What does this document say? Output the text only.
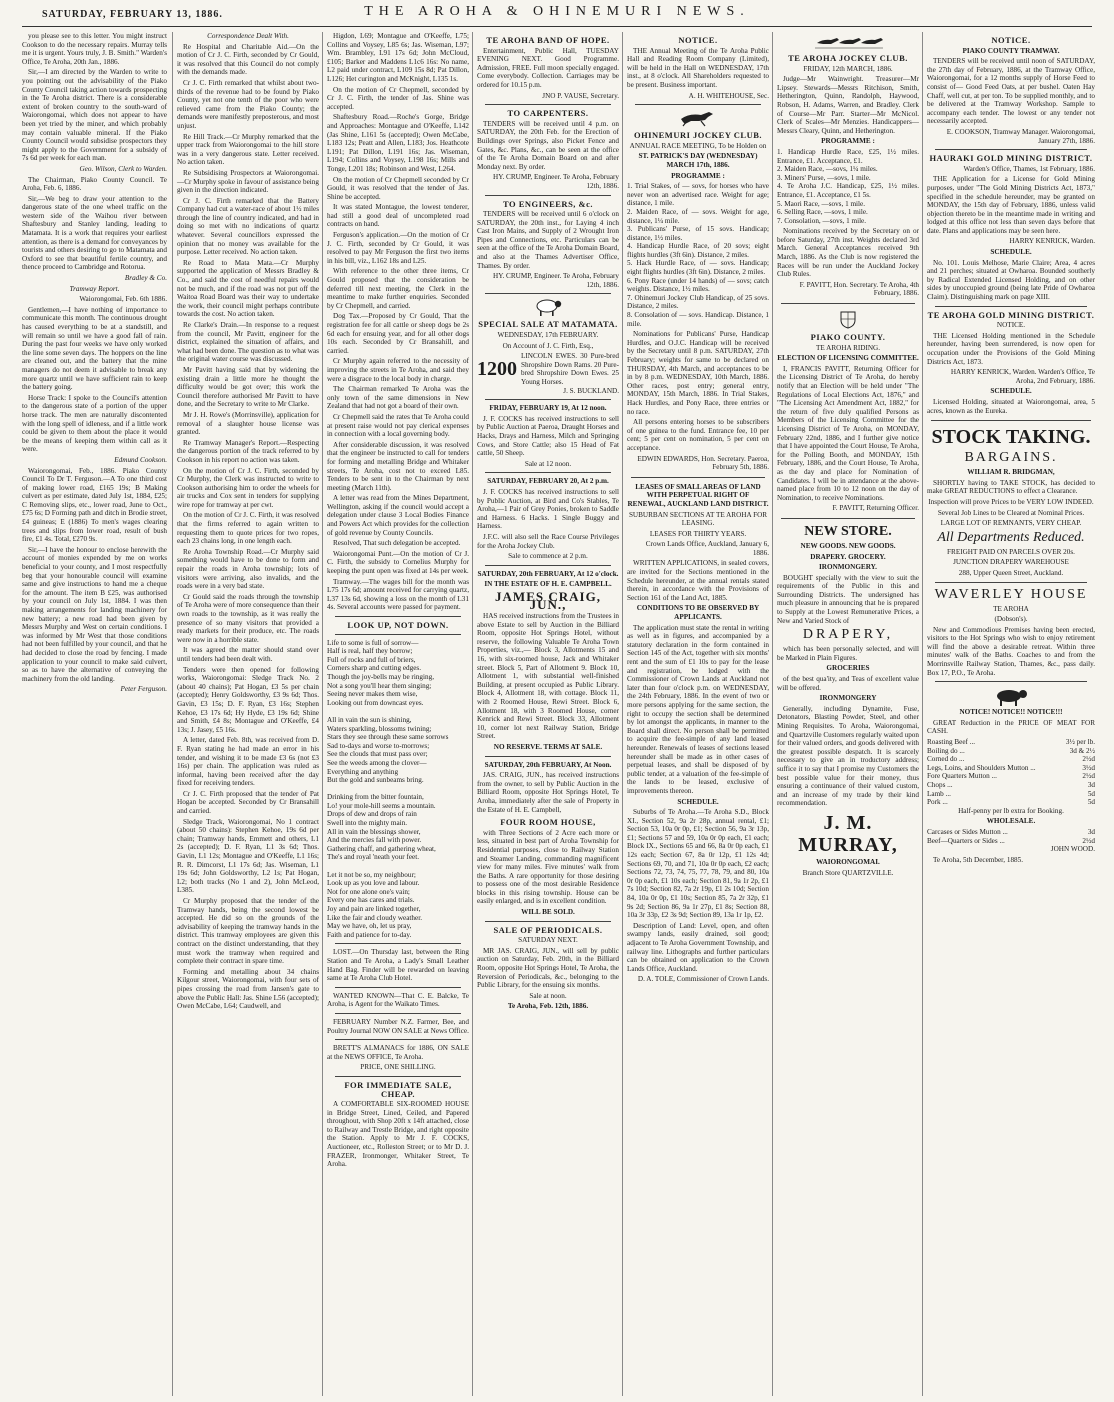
SATURDAY, FEBRUARY 13, 1886.	THE AROHA & OHINEMURI NEWS.

you please see to this letter. You might instruct Cookson to do the necessary repairs. Murray tells me it is urgent. Yours truly, J. B. Smith." Warden's Office, Te Aroha, 20th Jan., 1886.

Sir,—I am directed by the Warden to write to you pointing out the advisability of the Piako County Council taking action towards prospecting in the Te Aroha district. There is a considerable extent of broken country to the south-ward of Waiorongomai, which does not appear to have been yet tried by the miner, and which probably may contain valuable mineral. If the Piako County Council would subsidise prospectors they might apply to the Government for a subsidy of 7s 6d per week for each man.

Geo. Wilson, Clerk to Warden.

The Chairman, Piako County Council. Te Aroha, Feb. 6, 1886.

Sir,—We beg to draw your attention to the dangerous state of the one wheel traffic on the western side of the Waihou river between Shaftesbury and Stanley landing, leading to Matamata. It is a work that requires your earliest attention, as there is a demand for conveyances by tourists and others desiring to go to Matamata and Oxford to see that beautiful fertile country, and thence proceed to Cambridge and Rotorua.

Bradley & Co.

Tramway Report.

Waiorongomai, Feb. 6th 1886.

Gentlemen,—I have nothing of importance to communicate this month. The continuous drought has caused everything to be at a standstill, and will remain so until we have a good fall of rain. During the past four weeks we have only worked the line some seven days. The hoppers on the line are cleaned out, and the battery that the mine managers do not deem it advisable to break any more quartz until we have sufficient rain to keep the battery going.

Horse Track: I spoke to the Council's attention to the dangerous state of a portion of the upper horse track. The men are naturally discontented with the long spell of idleness, and if a little work could be given to them about the place it would be the means of keeping them within call as it were.

Edmund Cookson.

Waiorongomai, Feb., 1886. Piako County Council To Dr T. Ferguson.—A To one third cost of making lower road, £165 19s; B Making culvert as per estimate, dated July 1st, 1884, £25; C Removing slips, etc., lower road, June to Oct., £75 6s; D Forming path and ditch in Brodie street, £4 guineas; E (1886) To men's wages clearing trees and slips from lower road, result of bush fire, £1 4s. Total, £270 9s.

Sir,—I have the honour to enclose herewith the account of monies expended by me on works beneficial to your county, and I most respectfully beg that your honourable council will examine same and give instructions to hand me a cheque for the amount. The item B £25, was authorised by your council on July 1st, 1884. I was then making arrangements for landing machinery for new battery; a new road had been given by Messrs Murphy and West on certain conditions. I was informed by Mr West that those conditions had not been fulfilled by your council, and that he had decided to close the road by fencing. I made application to your council to make said culvert, so as to have the alternative of conveying the machinery from the old landing.

Peter Ferguson.

Correspondence Dealt With.

Re Hospital and Charitable Aid.—On the motion of Cr J. C. Firth, seconded by Cr Gould, it was resolved that this Council do not comply with the demands made.

Cr J. C. Firth remarked that whilst about two-thirds of the revenue had to be found by Piako County, yet not one tenth of the poor who were relieved came from the Piako County; the demands were manifestly preposterous, and most unjust.

Re Hill Track.—Cr Murphy remarked that the upper track from Waiorongomai to the hill store was in a very dangerous state. Letter received. No action taken.

Re Subsidising Prospectors at Waiorongomai.—Cr Murphy spoke in favour of assistance being given in the direction indicated.

Cr J. C. Firth remarked that the Battery Company had cut a water-race of about 1½ miles through the line of country indicated, and had in doing so met with no indications of quartz whatever. Several councillors expressed the opinion that no money was available for the purpose. Letter received. No action taken.

Re Road to Mata Mata.—Cr Murphy supported the application of Messrs Bradley & Co., and said the cost of needful repairs would not be much, and if the road was not put off the Waitoa Road Board was their way to undertake the work, their council might perhaps contribute towards the cost. No action taken.

Re Clarke's Drain.—In response to a request from the council, Mr Pavitt, engineer for the district, explained the situation of affairs, and what had been done. The question as to what was the original water course was discussed.

Mr Pavitt having said that by widening the existing drain a little more he thought the difficulty would be got over; this work the Council therefore authorised Mr Pavitt to have done, and the Secretary to write to Mr Clarke.

Mr J. H. Rowe's (Morrinsville), application for removal of a slaughter house license was granted.

Re Tramway Manager's Report.—Respecting the dangerous portion of the track referred to by Cookson in his report no action was taken.

On the motion of Cr J. C. Firth, seconded by Cr Murphy, the Clerk was instructed to write to Cookson authorising him to order the wheels for air trucks and Cox sent in tenders for supplying wire rope for tramway at per cwt.

On the motion of Cr J. C. Firth, it was resolved that the firms referred to again written to requesting them to quote prices for two ropes, each 23 chains long, in one length each.

Re Aroha Township Road.—Cr Murphy said something would have to be done to form and repair the roads in Aroha township; lots of visitors were arriving, also invalids, and the roads were in a very bad state.

Cr Gould said the roads through the township of Te Aroha were of more consequence than their own roads to the township, as it was really the presence of so many visitors that provided a ready markets for their produce, etc. The roads were now in a horrible state.

It was agreed the matter should stand over until tenders had been dealt with.

Tenders were then opened for following works, Waiorongomai: Sledge Track No. 2 (about 40 chains); Pat Hogan, £3 5s per chain (accepted); Henry Goldsworthy, £3 9s 6d; Thos. Gavin, £3 15s; D. F. Ryan, £3 16s; Stephen Kehoe, £3 17s 6d; Hy Hyde, £3 19s 6d; Shine and Smith, £4 8s; Montague and O'Keeffe, £4 13s; J. Jasey, £5 16s.

A letter, dated Feb. 8th, was received from D. F. Ryan stating he had made an error in his tender, and wishing it to be made £3 6s (not £3 16s) per chain. The application was ruled as informal, having been received after the day fixed for receiving tenders.

Cr J. C. Firth proposed that the tender of Pat Hogan be accepted. Seconded by Cr Bransahill and carried.

Sledge Track, Waiorongomai, No 1 contract (about 50 chains): Stephen Kehoe, 19s 6d per chain; Tramway hands, Emmett and others, L1 2s (accepted); D. F. Ryan, L1 3s 6d; Thos. Gavin, L1 12s; Montague and O'Keeffe, L1 16s; R. R. Dimcorst, L1 17s 6d; Jas. Wiseman, L1 19s 6d; John Goldsworthy, L2 1s; Pat Hogan, L2; both tracks (No 1 and 2), John McLeod, L385.

Cr Murphy proposed that the tender of the Tramway hands, being the second lowest be accepted. He did so on the grounds of the advisability of keeping the tramway hands in the district. This tramway employees are given this contract on the distinct understanding, that they must work the tramway when required and complete their contract in spare time.

Forming and metalling about 34 chains Kilgour street, Waiorongomai, with four sets of pipes crossing the road from Jansen's gate to above the Public Hall: Jas. Shine L56 (accepted); Owen McCabe, L64; Caudwell, and

Higdon, L69; Montague and O'Keeffe, L75; Collins and Voysey, L85 6s; Jas. Wiseman, L97; Wm. Brambley, L91 17s 6d; John McCloud, £105; Barker and Maddens L1c6 16s: No name, L2 paid under contract, L109 15s 8d; Pat Dillon, L126; Het curington and McKnight, L135 1s.

On the motion of Cr Chepmell, seconded by Cr J. C. Firth, the tender of Jas. Shine was accepted.

Shaftesbury Road.—Roche's Gorge, Bridge and Approaches: Montague and O'Keeffe, L142 (Jas Shine, L161 5s (accepted); Owen McCabe, L183 12s; Peatt and Allen, L183; Jos. Heathcote L191; Pat Dillon, L191 16s; Jas. Wiseman, L194; Collins and Voysey, L198 16s; Mills and Tonge, L201 18s; Robinson and West, L264.

On the motion of Cr Chepmell seconded by Cr Gould, it was resolved that the tender of Jas. Shine be accepted.

It was stated Montague, the lowest tenderer, had still a good deal of uncompleted road contracts on hand.

Ferguson's application.—On the motion of Cr J. C. Firth, seconded by Cr Gould, it was resolved to pay Mr Ferguson the first two items in his bill, viz., L162 18s and L25.

With reference to the other three items, Cr Gould proposed that the consideration be deferred till next meeting, the Clerk in the meantime to make further enquiries. Seconded by Cr Chepmell, and carried.

Dog Tax.—Proposed by Cr Gould, That the registration fee for all cattle or sheep dogs be 2s 6d each for ensuing year, and for all other dogs 10s each. Seconded by Cr Bransahill, and carried.

Cr Murphy again referred to the necessity of improving the streets in Te Aroha, and said they were a disgrace to the local body in charge.

The Chairman remarked Te Aroha was the only town of the same dimensions in New Zealand that had not got a board of their own.

Cr Chepmell said the rates that Te Aroha could at present raise would not pay clerical expenses in connection with a local governing body.

After considerable discussion, it was resolved that the engineer be instructed to call for tenders for forming and metalling Bridge and Whitaker streets, Te Aroha, cost not to exceed L85. Tenders to be sent in to the Chairman by next meeting (March 11th).

A letter was read from the Mines Department, Wellington, asking if the council would accept a delegation under clause 3 Local Bodies Finance and Powers Act which provides for the collection of gold revenue by County Councils.

Resolved, That such delegation be accepted.

Waiorongomai Punt.—On the motion of Cr J. C. Firth, the subsidy to Cornelius Murphy for keeping the punt open was fixed at 14s per week.

Tramway.—The wages bill for the month was L75 17s 6d; amount received for carrying quartz, L37 13s 6d, showing a loss on the month of L31 4s. Several accounts were passed for payment.

LOOK UP, NOT DOWN.

Life to some is full of sorrow—
Half is real, half they borrow;
Full of rocks and full of briers,
Corners sharp and cutting edges.
Though the joy-bells may be ringing,
Not a song you'll hear them singing;
Seeing never makes them wise,
Looking out from downcast eyes.

All in vain the sun is shining,
Waters sparkling, blossoms twining;
Stars they see through these same sorrows
Sad to-days and worse to-morrows;
See the clouds that must pass over;
See the weeds among the clover—
Everything and anything
But the gold and sunbeams bring.

Drinking from the bitter fountain,
Lo! your mole-hill seems a mountain.
Drops of dew and drops of rain
Swell into the mighty main.
All in vain the blessings shower,
And the mercies fall with power.
Gathering chaff, and gathering wheat,
The's and royal 'neath your feet.

Let it not be so, my neighbour;
Look up as you love and labour.
Not for one alone one's vain;
Every one has cares and trials.
Joy and pain are linked together,
Like the fair and cloudy weather.
May we have, oh, let us pray,
Faith and patience for to-day.

LOST.—On Thursday last, between the Ring Station and Te Aroha, a Lady's Small Leather Hand Bag. Finder will be rewarded on leaving same at Te Aroha Club Hotel.

WANTED KNOWN—That C. E. Balcke, Te Aroha, is Agent for the Waikato Times.

FEBRUARY Number N.Z. Farmer, Bee, and Poultry Journal NOW ON SALE at News Office.

BRETT'S ALMANACS for 1886, ON SALE at the NEWS OFFICE, Te Aroha.

PRICE, ONE SHILLING.

FOR IMMEDIATE SALE, CHEAP.

A COMFORTABLE SIX-ROOMED HOUSE in Bridge Street, Lined, Ceiled, and Papered throughout, with Shop 20ft x 14ft attached, close to Railway and Trestle Bridge, and right opposite the Station. Apply to Mr J. F. COCKS, Auctioneer, etc., Rolleston Street; or to Mr D. J. FRAZER, Ironmonger, Whitaker Street, Te Aroha.

TE AROHA BAND OF HOPE.

Entertainment, Public Hall, TUESDAY EVENING NEXT. Good Programme. Admission, FREE. Full moon specially engaged. Come everybody. Collection. Carriages may be ordered for 10.15 p.m.

JNO P. VAUSE, Secretary.

TO CARPENTERS.

TENDERS will be received until 4 p.m. on SATURDAY, the 20th Feb. for the Erection of Buildings over Springs, also Picket Fence and Gates, &c. Plans, &c., can be seen at the office of the Te Aroha Domain Board on and after Monday next. By order.

HY. CRUMP, Engineer. Te Aroha, February 12th, 1886.

TO ENGINEERS, &c.

TENDERS will be received until 6 o'clock on SATURDAY, the 20th inst., for Laying 4 inch Cast Iron Mains, and Supply of 2 Wrought Iron Pipes and Connections, etc. Particulars can be seen at the office of the Te Aroha Domain Board, and also at the Thames Advertiser Office, Thames. By order.

HY. CRUMP, Engineer. Te Aroha, February 12th, 1886.

SPECIAL SALE AT MATAMATA.

WEDNESDAY, 17th FEBRUARY.

On Account of J. C. Firth, Esq.,

1200
LINCOLN EWES. 30 Pure-bred Shropshire Down Rams. 20 Pure-bred Shropshire Down Ewes. 25 Young Horses.

J. S. BUCKLAND.

FRIDAY, FEBRUARY 19, At 12 noon.

J. F. COCKS has received instructions to sell by Public Auction at Paeroa, Draught Horses and Hacks, Drays and Harness, Milch and Springing Cows, and Store Cattle; also 15 Head of Fat cattle, 50 Sheep.

Sale at 12 noon.

SATURDAY, FEBRUARY 20, At 2 p.m.

J. F. COCKS has received instructions to sell by Public Auction, at Bird and Co's Stables, Te Aroha,—1 Pair of Grey Ponies, broken to Saddle and Harness. 6 Hacks. 1 Single Buggy and Harness.

J.F.C. will also sell the Race Course Privileges for the Aroha Jockey Club.

Sale to commence at 2 p.m.

SATURDAY, 20th FEBRUARY, At 12 o'clock.

IN THE ESTATE OF H. E. CAMPBELL.

JAMES CRAIG, JUN.,

HAS received instructions from the Trustees in above Estate to sell by Auction in the Billiard Room, opposite Hot Springs Hotel, without reserve, the following Valuable Te Aroha Town Properties, viz.,— Block 3, Allotments 15 and 16, with six-roomed house, Jack and Whitaker street. Block 5, Part of Allotment 9. Block 10, Allotment 1, with substantial well-finished Building, at present occupied as Public Library. Block 4, Allotment 18, with cottage. Block 11, with 2 Roomed House, Rewi Street. Block 6, Allotment 18, with 3 Roomed House, corner Kenrick and Rewi Street. Block 33, Allotment 10, corner lot next Railway Station, Bridge Street.

NO RESERVE. TERMS AT SALE.

SATURDAY, 20th FEBRUARY, At Noon.

JAS. CRAIG, JUN., has received instructions from the owner, to sell by Public Auction in the Billiard Room, opposite Hot Springs Hotel, Te Aroha, immediately after the sale of Property in the Estate of H. E. Campbell,

FOUR ROOM HOUSE,

with Three Sections of 2 Acre each more or less, situated in best part of Aroha Township for Residential purposes, close to Railway Station and Steamer Landing, commanding magnificent view for many miles. Five minutes' walk from the Baths. A rare opportunity for those desiring to possess one of the most desirable Residence blocks in this rising township. House can be easily enlarged, and is in excellent condition.

WILL BE SOLD.

SALE OF PERIODICALS.

SATURDAY NEXT.

MR JAS. CRAIG, JUN., will sell by public auction on Saturday, Feb. 20th, in the Billiard Room, opposite Hot Springs Hotel, Te Aroha, the Reversion of Periodicals, &c., belonging to the Public Library, for the ensuing six months.

Sale at noon.

Te Aroha, Feb. 12th, 1886.

NOTICE.

THE Annual Meeting of the Te Aroha Public Hall and Reading Room Company (Limited), will be held in the Hall on WEDNESDAY, 17th inst., at 8 o'clock. All Shareholders requested to be present. Business important.

A. H. WHITEHOUSE, Sec.

OHINEMURI JOCKEY CLUB.

ANNUAL RACE MEETING, To be Holden on

ST. PATRICK'S DAY (WEDNESDAY) MARCH 17th, 1886.

PROGRAMME :

1. Trial Stakes, of — sovs, for horses who have never won an advertised race. Weight for age; distance, 1 mile.
2. Maiden Race, of — sovs. Weight for age, distance, 1¼ mile.
3. Publicans' Purse, of 15 sovs. Handicap; distance, 1½ miles.
4. Handicap Hurdle Race, of 20 sovs; eight flights hurdles (3ft 6in). Distance, 2 miles.
5. Hack Hurdle Race, of — sovs. Handicap; eight flights hurdles (3ft 6in). Distance, 2 miles.
6. Pony Race (under 14 hands) of — sovs; catch weights. Distance, 1½ miles.
7. Ohinemuri Jockey Club Handicap, of 25 sovs. Distance, 2 miles.
8. Consolation of — sovs. Handicap. Distance, 1 mile.

Nominations for Publicans' Purse, Handicap Hurdles, and O.J.C. Handicap will be received by the Secretary until 8 p.m. SATURDAY, 27th February; weights for same to be declared on THURSDAY, 4th March, and acceptances to be in by 8 p.m. WEDNESDAY, 10th March, 1886. Other races, post entry; general entry, MONDAY, 15th March, 1886. In Trial Stakes, Hack Hurdles, and Pony Race, three entries or no race.

All persons entering horses to be subscribers of one guinea to the fund. Entrance fee, 10 per cent; 5 per cent on nomination, 5 per cent on acceptance.

EDWIN EDWARDS, Hon. Secretary. Paeroa, February 5th, 1886.

LEASES OF SMALL AREAS OF LAND WITH PERPETUAL RIGHT OF RENEWAL, AUCKLAND LAND DISTRICT.

SUBURBAN SECTIONS AT TE AROHA FOR LEASING.

LEASES FOR THIRTY YEARS.

Crown Lands Office, Auckland, January 6, 1886.

WRITTEN APPLICATIONS, in sealed covers, are invited for the Sections mentioned in the Schedule hereunder, at the annual rentals stated therein, in accordance with the Provisions of Section 161 of the Land Act, 1885.

CONDITIONS TO BE OBSERVED BY APPLICANTS.

The application must state the rental in writing as well as in figures, and accompanied by a statutory declaration in the form contained in Section 145 of the Act, together with six months' rent and the sum of £1 10s to pay for the lease and registration, be lodged with the Commissioner of Crown Lands at Auckland not later than four o'clock p.m. on WEDNESDAY, the 24th February, 1886. In the event of two or more persons applying for the same section, the right to occupy the section shall be determined by lot amongst the applicants, in manner to the Board shall direct. No person shall be permitted to acquire the fee-simple of any land leased hereunder. Renewals of leases of sections leased hereunder shall be made as in other cases of perpetual leases, and shall be disposed of by public tender, at a valuation of the fee-simple of the lands to be leased, exclusive of improvements thereon.

SCHEDULE.

Suburbs of Te Aroha.—Te Aroha S.D., Block XI., Section 52, 9a 2r 28p, annual rental, £1; Section 53, 10a 0r 0p, £1; Section 56, 9a 3r 13p, £1; Sections 57 and 59, 10a 0r 0p each, £1 each; Block IX., Sections 65 and 66, 8a 0r 0p each, £1 12s each; Section 67, 8a 0r 12p, £1 12s 4d; Sections 69, 70, and 71, 10a 0r 0p each, £2 each; Sections 72, 73, 74, 75, 77, 78, 79, and 80, 10a 0r 0p each, £1 10s each; Section 81, 9a 1r 2p, £1 7s 10d; Section 82, 7a 2r 19p, £1 2s 10d; Section 84, 10a 0r 0p, £1 10s; Section 85, 7a 2r 32p, £1 9s 2d; Section 86, 9a 1r 27p, £1 8s; Section 88, 10a 3r 33p, £2 3s 9d; Section 89, 13a 1r 1p, £2.

Description of Land: Level, open, and often swampy lands, easily drained, soil good; adjacent to Te Aroha Government Township, and railway line. Lithographs and further particulars can be obtained on application to the Crown Lands Office, Auckland.

D. A. TOLE, Commissioner of Crown Lands.

TE AROHA JOCKEY CLUB.

FRIDAY, 12th MARCH, 1886.

Judge—Mr Wainwright. Treasurer—Mr Lipsey. Stewards—Messrs Ritchison, Smith, Hetherington, Quinn, Randolph, Haywood, Robson, H. Adams, Warren, and Bradley. Clerk of Course—Mr Parr. Starter—Mr McNicol. Clerk of Scales—Mr Menzies. Handicappers—Messrs Cleary, Quinn, and Hetherington.

PROGRAMME :

1. Handicap Hurdle Race, £25, 1½ miles. Entrance, £1. Acceptance, £1.
2. Maiden Race, —sovs, 1¼ miles.
3. Miners' Purse, —sovs, 1 mile.
4. Te Aroha J.C. Handicap, £25, 1½ miles. Entrance, £1. Acceptance, £1 5s.
5. Maori Race, —sovs, 1 mile.
6. Selling Race, —sovs, 1 mile.
7. Consolation, —sovs, 1 mile.

Nominations received by the Secretary on or before Saturday, 27th inst. Weights declared 3rd March. General Acceptances received 9th March, 1886. As the Club is now registered the Races will be run under the Auckland Jockey Club Rules.

F. PAVITT, Hon. Secretary. Te Aroha, 4th February, 1886.

PIAKO COUNTY.

TE AROHA RIDING.

ELECTION OF LICENSING COMMITTEE.

I, FRANCIS PAVITT, Returning Officer for the Licensing District of Te Aroha, do hereby notify that an Election will be held under "The Regulations of Local Elections Act, 1876," and "The Licensing Act Amendment Act, 1882," for the return of five duly qualified Persons as Members of the Licensing Committee for the Licensing District of Te Aroha, on MONDAY, February 22nd, 1886, and I further give notice that I have appointed the Court House, Te Aroha, for the Polling Booth, and MONDAY, 15th February, 1886, and the Court House, Te Aroha, as the day and place for Nomination of Candidates. I will be in attendance at the above-named place from 10 to 12 noon on the day of Nomination, to receive Nominations.

F. PAVITT, Returning Officer.

NEW STORE.

NEW GOODS. NEW GOODS.

DRAPERY. GROCERY.

IRONMONGERY.

BOUGHT specially with the view to suit the requirements of the Public in this and Surrounding Districts. The undersigned has much pleasure in announcing that he is prepared to Supply at the Lowest Remunerative Prices, a New and Varied Stock of

DRAPERY,

which has been personally selected, and will be Marked in Plain Figures.

GROCERIES

of the best qua'ity, and Teas of excellent value will be offered.

IRONMONGERY

Generally, including Dynamite, Fuse, Detonators, Blasting Powder, Steel, and other Mining Requisites. To Aroha, Waiorongomai, and Quartzville Customers regularly waited upon for their valued orders, and goods delivered with the greatest possible despatch. It is scarcely necessary to give an in troductory address; suffice it to say that I promise my Customers the best possible value for their money, thus ensuring a continuance of their valued custom, and an increase of my trade by their kind recommendation.

J. M. MURRAY,

WAIORONGOMAI.

Branch Store QUARTZVILLE.

NOTICE.

PIAKO COUNTY TRAMWAY.

TENDERS will be received until noon of SATURDAY, the 27th day of February, 1886, at the Tramway Office, Waiorongomai, for a 12 months supply of Horse Feed to consist of— Good Feed Oats, at per bushel. Oaten Hay Chaff, well cut, at per ton. To be supplied monthly, and to be delivered at the Tramway Workshop. Sample to accompany each tender. The lowest or any tender not necessarily accepted.

E. COOKSON, Tramway Manager. Waiorongomai, January 27th, 1886.

HAURAKI GOLD MINING DISTRICT.

Warden's Office, Thames, 1st February, 1886.

THE Application for a License for Gold Mining purposes, under "The Gold Mining Districts Act, 1873," specified in the schedule hereunder, may be granted on MONDAY, the 15th day of February, 1886, unless valid objection thereto be in the meantime made in writing and lodged at this office not less than seven days before that date. Plans and applications may be seen here.

HARRY KENRICK, Warden.

SCHEDULE.

No. 101. Louis Melhose, Marie Claire; Area, 4 acres and 21 perches; situated at Owharoa. Bounded southerly by Radical Extended Licensed Holding, and on other sides by unoccupied ground (being late Pride of Owharoa Claim). Distinguishing mark on page XIII.

TE AROHA GOLD MINING DISTRICT.

NOTICE.

THE Licensed Holding mentioned in the Schedule hereunder, having been surrendered, is now open for occupation under the Provisions of the Gold Mining Districts Act, 1873.

HARRY KENRICK, Warden. Warden's Office, Te Aroha, 2nd February, 1886.

SCHEDULE.

Licensed Holding, situated at Waiorongomai, area, 5 acres, known as the Eureka.

STOCK TAKING.

BARGAINS.

WILLIAM R. BRIDGMAN,

SHORTLY having to TAKE STOCK, has decided to make GREAT REDUCTIONS to effect a Clearance.

Inspection will prove Prices to be VERY LOW INDEED.

Several Job Lines to be Cleared at Nominal Prices.

LARGE LOT OF REMNANTS, VERY CHEAP.

All Departments Reduced.

FREIGHT PAID ON PARCELS OVER 20s.

JUNCTION DRAPERY WAREHOUSE

288, Upper Queen Street, Auckland.

WAVERLEY HOUSE

TE AROHA

(Dobson's).

New and Commodious Premises having been erected, visitors to the Hot Springs who wish to enjoy retirement will find the above a desirable retreat. Within three minutes' walk of the Baths. Coaches to and from the Morrinsville Railway Station, Thames, &c., pass daily. Box 17, P.O., Te Aroha.

NOTICE! NOTICE!! NOTICE!!!

GREAT Reduction in the PRICE OF MEAT FOR CASH.

Roasting Beef ...	3½ per lb.
Boiling do ...	3d & 2½
Corned do ...	2½d
Legs, Loins, and Shoulders Mutton ...	3½d
Fore Quarters Mutton ...	2½d
Chops ...	3d
Lamb ...	5d
Pork ...	5d

Half-penny per lb extra for Booking.

WHOLESALE.

Carcases or Sides Mutton ...	3d
Beef—Quarters or Sides ...	2½d

JOHN WOOD.

Te Aroha, 5th December, 1885.
